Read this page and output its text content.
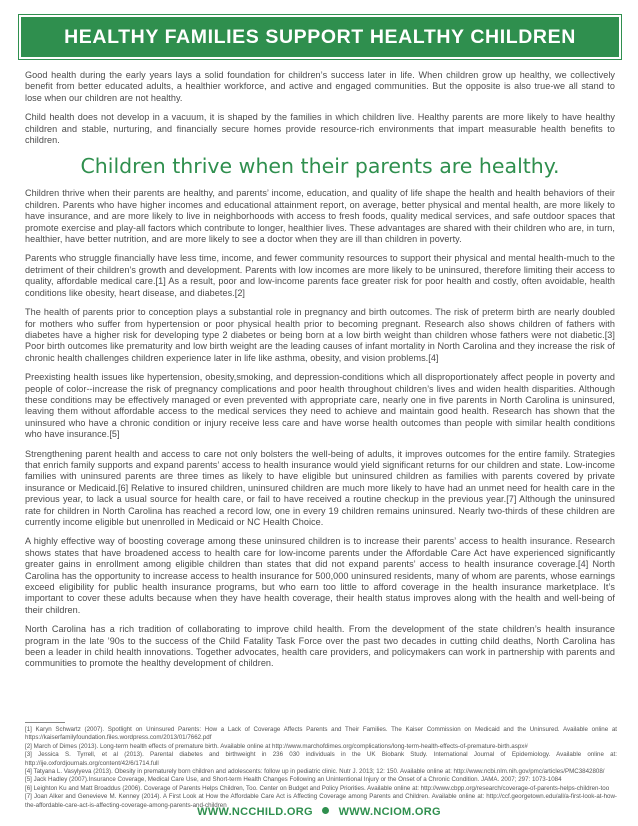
HEALTHY FAMILIES SUPPORT HEALTHY CHILDREN

Good health during the early years lays a solid foundation for children’s success later in life. When children grow up healthy, we collectively benefit from better educated adults, a healthier workforce, and active and engaged communities. But the opposite is also true-we all stand to lose when our children are not healthy.

Child health does not develop in a vacuum, it is shaped by the families in which children live. Healthy parents are more likely to have healthy children and stable, nurturing, and financially secure homes provide resource-rich environments that impart measurable health benefits to children.

Children thrive when their parents are healthy.

Children thrive when their parents are healthy, and parents’ income, education, and quality of life shape the health and health behaviors of their children. Parents who have higher incomes and educational attainment report, on average, better physical and mental health, are more likely to have insurance, and are more likely to live in neighborhoods with access to fresh foods, quality medical services, and safe outdoor spaces that promote exercise and play-all factors which contribute to longer, healthier lives. These advantages are shared with their children who are, in turn, healthier, have better nutrition, and are more likely to see a doctor when they are ill than children in poverty.

Parents who struggle financially have less time, income, and fewer community resources to support their physical and mental health-much to the detriment of their children’s growth and development. Parents with low incomes are more likely to be uninsured, therefore limiting their access to quality, affordable medical care.[1] As a result, poor and low-income parents face greater risk for poor health and costly, often avoidable, health conditions like obesity, heart disease, and diabetes.[2]

The health of parents prior to conception plays a substantial role in pregnancy and birth outcomes. The risk of preterm birth are nearly doubled for mothers who suffer from hypertension or poor physical health prior to becoming pregnant. Research also shows children of fathers with diabetes have a higher risk for developing type 2 diabetes or being born at a low birth weight than children whose fathers were not diabetic.[3] Poor birth outcomes like prematurity and low birth weight are the leading causes of infant mortality in North Carolina and they increase the risk of chronic health challenges children experience later in life like asthma, obesity, and vision problems.[4]

Preexisting health issues like hypertension, obesity,smoking, and depression-conditions which all disproportionately affect people in poverty and people of color--increase the risk of pregnancy complications and poor health throughout children’s lives and widen health disparities. Although these conditions may be effectively managed or even prevented with appropriate care, nearly one in five parents in North Carolina is uninsured, leaving them without affordable access to the medical services they need to achieve and maintain good health. Research has shown that the uninsured who have a chronic condition or injury receive less care and have worse health outcomes than people with similar health conditions who have insurance.[5]

Strengthening parent health and access to care not only bolsters the well-being of adults, it improves outcomes for the entire family. Strategies that enrich family supports and expand parents’ access to health insurance would yield significant returns for our children and state. Low-income families with uninsured parents are three times as likely to have eligible but uninsured children as families with parents covered by private insurance or Medicaid.[6] Relative to insured children, uninsured children are much more likely to have had an unmet need for health care in the previous year, to lack a usual source for health care, or fail to have received a routine checkup in the previous year.[7] Although the uninsured rate for children in North Carolina has reached a record low, one in every 19 children remains uninsured. Nearly two-thirds of these children are currently income eligible but unenrolled in Medicaid or NC Health Choice.

A highly effective way of boosting coverage among these uninsured children is to increase their parents’ access to health insurance. Research shows states that have broadened access to health care for low-income parents under the Affordable Care Act have experienced significantly greater gains in enrollment among eligible children than states that did not expand parents’ access to health insurance coverage.[4] North Carolina has the opportunity to increase access to health insurance for 500,000 uninsured residents, many of whom are parents, whose earnings exceed eligibility for public health insurance programs, but who earn too little to afford coverage in the health insurance marketplace. It’s important to cover these adults because when they have health coverage, their health status improves along with the health and well-being of their children.

North Carolina has a rich tradition of collaborating to improve child health. From the development of the state children’s health insurance program in the late ’90s to the success of the Child Fatality Task Force over the past two decades in cutting child deaths, North Carolina has been a leader in child health innovations. Together advocates, health care providers, and policymakers can work in partnership with parents and communities to promote the healthy development of children.

[1] Karyn Schwartz (2007). Spotlight on Uninsured Parents: How a Lack of Coverage Affects Parents and Their Families. The Kaiser Commission on Medicaid and the Uninsured. Available online at https://kaiserfamilyfoundation.files.wordpress.com/2013/01/7662.pdf

[2] March of Dimes (2013). Long-term health effects of premature birth. Available online at http://www.marchofdimes.org/complications/long-term-health-effects-of-premature-birth.aspx#

[3] Jessica S. Tyrrell, et al (2013). Parental diabetes and birthweight in 236 030 individuals in the UK Biobank Study. International Journal of Epidemiology. Available online at: http://ije.oxfordjournals.org/content/42/6/1714.full

[4] Tatyana L. Vasylyeva (2013). Obesity in prematurely born children and adolescents: follow up in pediatric clinic. Nutr J. 2013; 12: 150. Available online at: http://www.ncbi.nlm.nih.gov/pmc/articles/PMC3842808/

[5] Jack Hadley (2007).Insurance Coverage, Medical Care Use, and Short-term Health Changes Following an Unintentional Injury or the Onset of a Chronic Condition. JAMA. 2007; 297: 1073-1084

[6] Leighton Ku and Matt Broaddus (2006). Coverage of Parents Helps Children, Too. Center on Budget and Policy Priorities. Available online at: http://www.cbpp.org/research/coverage-of-parents-helps-children-too

[7] Joan Alker and Genevieve M. Kenney (2014). A First Look at How the Affordable Care Act is Affecting Coverage among Parents and Children. Available online at: http://ccf.georgetown.edu/all/a-first-look-at-how-the-affordable-care-act-is-affecting-coverage-among-parents-and-children

WWW.NCCHILD.ORG WWW.NCIOM.ORG
